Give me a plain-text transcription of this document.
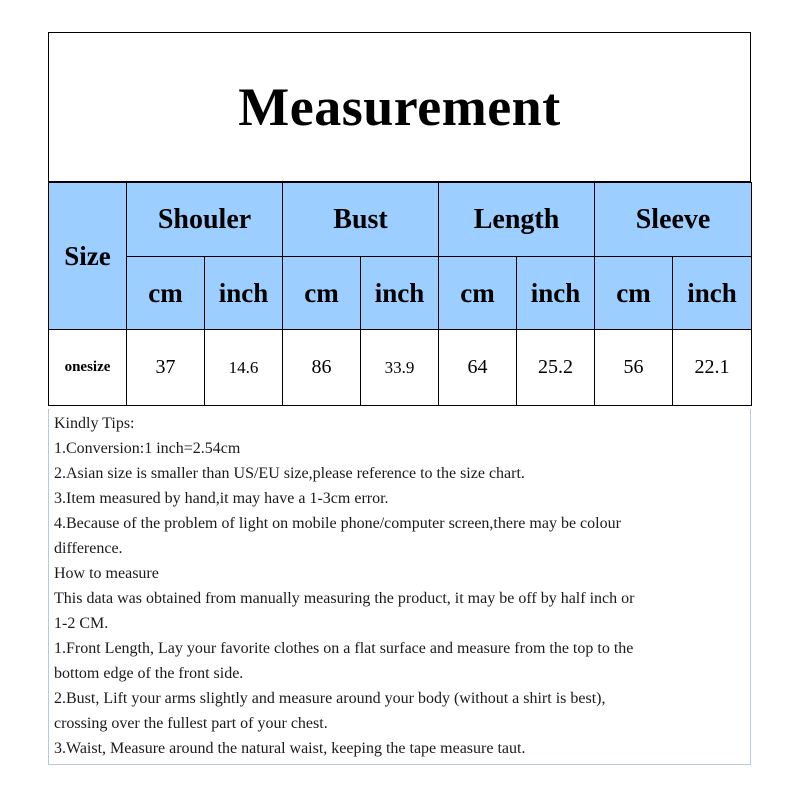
Measurement
Size	Shouler		Bust		Length		Sleeve	
	cm	inch	cm	inch	cm	inch	cm	inch
onesize	37	14.6	86	33.9	64	25.2	56	22.1
Kindly Tips:
1.Conversion:1 inch=2.54cm
2.Asian size is smaller than US/EU size,please reference to the size chart.
3.Item measured by hand,it may have a 1-3cm error.
4.Because of the problem of light on mobile phone/computer screen,there may be colour
difference.
How to measure
This data was obtained from manually measuring the product, it may be off by half inch or
1-2 CM.
1.Front Length, Lay your favorite clothes on a flat surface and measure from the top to the
bottom edge of the front side.
2.Bust, Lift your arms slightly and measure around your body (without a shirt is best),
crossing over the fullest part of your chest.
3.Waist, Measure around the natural waist, keeping the tape measure taut.
